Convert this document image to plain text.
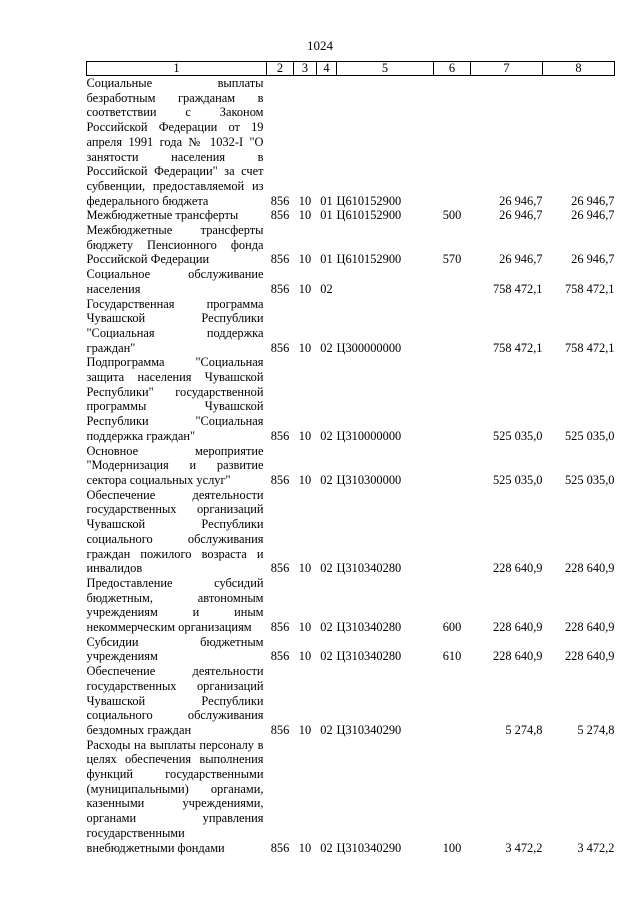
1024
1	2	3	4	5	6	7	8
Социальные выплаты безработным гражданам в соответствии с Законом Российской Федерации от 19 апреля 1991 года № 1032-I "О занятости населения в Российской Федерации" за счет субвенции, предоставляемой из федерального бюджета	856	10	01	Ц610152900		26 946,7	26 946,7
Межбюджетные трансферты	856	10	01	Ц610152900	500	26 946,7	26 946,7
Межбюджетные трансферты бюджету Пенсионного фонда Российской Федерации	856	10	01	Ц610152900	570	26 946,7	26 946,7
Социальное обслуживание населения	856	10	02			758 472,1	758 472,1
Государственная программа Чувашской Республики "Социальная поддержка граждан"	856	10	02	Ц300000000		758 472,1	758 472,1
Подпрограмма "Социальная защита населения Чувашской Республики" государственной программы Чувашской Республики "Социальная поддержка граждан"	856	10	02	Ц310000000		525 035,0	525 035,0
Основное мероприятие "Модернизация и развитие сектора социальных услуг"	856	10	02	Ц310300000		525 035,0	525 035,0
Обеспечение деятельности государственных организаций Чувашской Республики социального обслуживания граждан пожилого возраста и инвалидов	856	10	02	Ц310340280		228 640,9	228 640,9
Предоставление субсидий бюджетным, автономным учреждениям и иным некоммерческим организациям	856	10	02	Ц310340280	600	228 640,9	228 640,9
Субсидии бюджетным учреждениям	856	10	02	Ц310340280	610	228 640,9	228 640,9
Обеспечение деятельности государственных организаций Чувашской Республики социального обслуживания бездомных граждан	856	10	02	Ц310340290		5 274,8	5 274,8
Расходы на выплаты персоналу в целях обеспечения выполнения функций государственными (муниципальными) органами, казенными учреждениями, органами управления государственными внебюджетными фондами	856	10	02	Ц310340290	100	3 472,2	3 472,2
